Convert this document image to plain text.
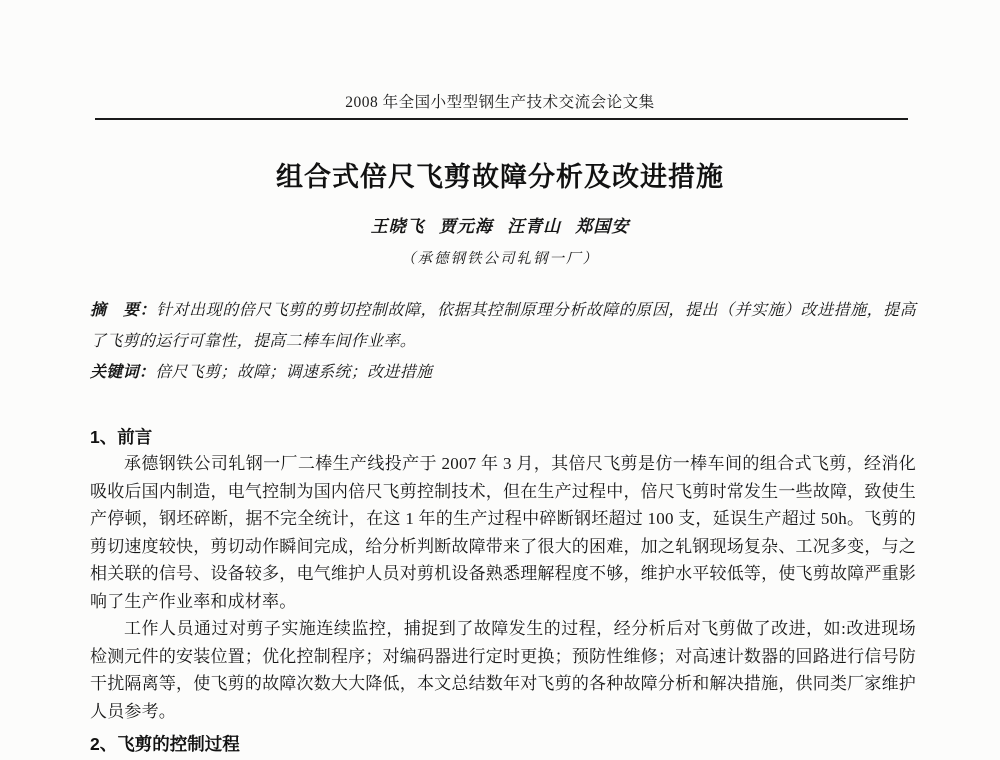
2008 年全国小型型钢生产技术交流会论文集
组合式倍尺飞剪故障分析及改进措施
王晓飞 贾元海 汪青山 郑国安
（承德钢铁公司轧钢一厂）

摘　要：针对出现的倍尺飞剪的剪切控制故障，依据其控制原理分析故障的原因，提出（并实施）改进措施，提高了飞剪的运行可靠性，提高二棒车间作业率。

关键词：倍尺飞剪；故障；调速系统；改进措施

1、前言

承德钢铁公司轧钢一厂二棒生产线投产于 2007 年 3 月，其倍尺飞剪是仿一棒车间的组合式飞剪，经消化吸收后国内制造，电气控制为国内倍尺飞剪控制技术，但在生产过程中，倍尺飞剪时常发生一些故障，致使生产停顿，钢坯碎断，据不完全统计，在这 1 年的生产过程中碎断钢坯超过 100 支，延误生产超过 50h。飞剪的剪切速度较快，剪切动作瞬间完成，给分析判断故障带来了很大的困难，加之轧钢现场复杂、工况多变，与之相关联的信号、设备较多，电气维护人员对剪机设备熟悉理解程度不够，维护水平较低等，使飞剪故障严重影响了生产作业率和成材率。

工作人员通过对剪子实施连续监控，捕捉到了故障发生的过程，经分析后对飞剪做了改进，如:改进现场检测元件的安装位置；优化控制程序；对编码器进行定时更换；预防性维修；对高速计数器的回路进行信号防干扰隔离等，使飞剪的故障次数大大降低，本文总结数年对飞剪的各种故障分析和解决措施，供同类厂家维护人员参考。

2、飞剪的控制过程
